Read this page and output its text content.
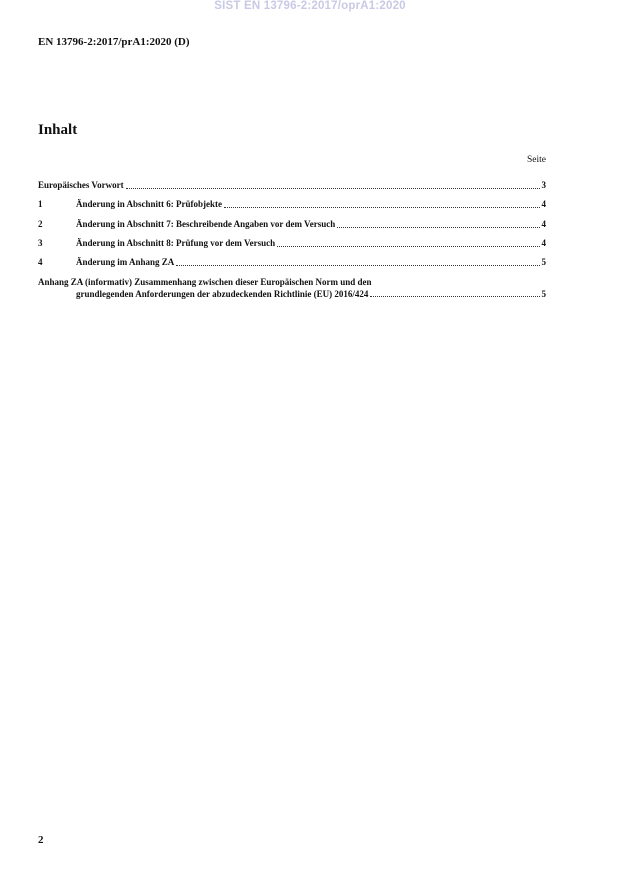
SIST EN 13796-2:2017/oprA1:2020
EN 13796-2:2017/prA1:2020 (D)
Inhalt
Seite
Europäisches Vorwort	3
1	Änderung in Abschnitt 6: Prüfobjekte	4
2	Änderung in Abschnitt 7: Beschreibende Angaben vor dem Versuch	4
3	Änderung in Abschnitt 8: Prüfung vor dem Versuch	4
4	Änderung im Anhang ZA	5
Anhang ZA (informativ) Zusammenhang zwischen dieser Europäischen Norm und den
grundlegenden Anforderungen der abzudeckenden Richtlinie (EU) 2016/424	5
2
